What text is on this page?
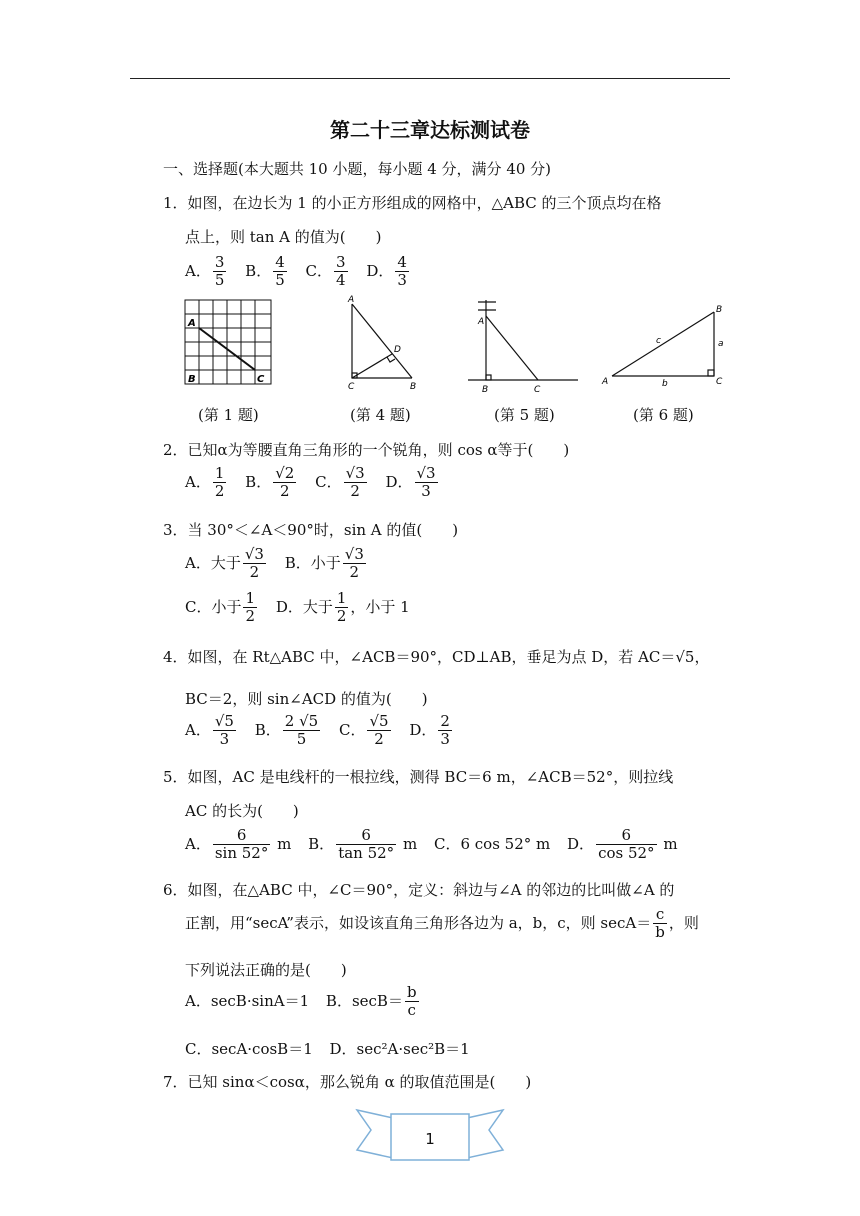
第二十三章达标测试卷
一、选择题(本大题共 10 小题，每小题 4 分，满分 40 分)
1．如图，在边长为 1 的小正方形组成的网格中，△ABC 的三个顶点均在格
点上，则 tan A 的值为(　　)
A． $\frac{3}{5}$ B． $\frac{4}{5}$ C． $\frac{3}{4}$ D． $\frac{4}{3}$
A
B	C
A
D
C	B
A
B	C
B
A	C
c	a
b
(第 1 题)	(第 4 题)	(第 5 题)	(第 6 题)
2．已知α为等腰直角三角形的一个锐角，则 cos α等于(　　)
A． $\frac{1}{2}$ B． $\frac{√2}{2}$ C． $\frac{√3}{2}$ D． $\frac{√3}{3}$
3．当 30°＜∠A＜90°时，sin A 的值(　　)
A．大于 $\frac{√3}{2}$ B．小于 $\frac{√3}{2}$
C．小于 $\frac{1}{2}$ D．大于 $\frac{1}{2}$ ，小于 1
4．如图，在 Rt△ABC 中，∠ACB＝90°，CD⊥AB，垂足为点 D，若 AC＝√5，
BC＝2，则 sin∠ACD 的值为(　　)
A． $\frac{√5}{3}$ B． $\frac{2 √5}{5}$ C． $\frac{√5}{2}$ D． $\frac{2}{3}$
5．如图，AC 是电线杆的一根拉线，测得 BC＝6 m，∠ACB＝52°，则拉线
AC 的长为(　　)
A． $\frac{6}{\sin 52^\circ}$ m B． $\frac{6}{\tan 52^\circ}$ m C．6 cos 52° m D． $\frac{6}{\cos 52^\circ}$ m
6．如图，在△ABC 中，∠C＝90°，定义：斜边与∠A 的邻边的比叫做∠A 的
正割，用“secA”表示，如设该直角三角形各边为 a，b，c，则 $\sec A= \frac{c}{b}$ ，则
下列说法正确的是(　　)
A．secB·sinA＝1 B．$\sec B= \frac{b}{c}$
C．secA·cosB＝1 D．sec²A·sec²B＝1
7．已知 sinα＜cosα，那么锐角 α 的取值范围是(　　)
1
